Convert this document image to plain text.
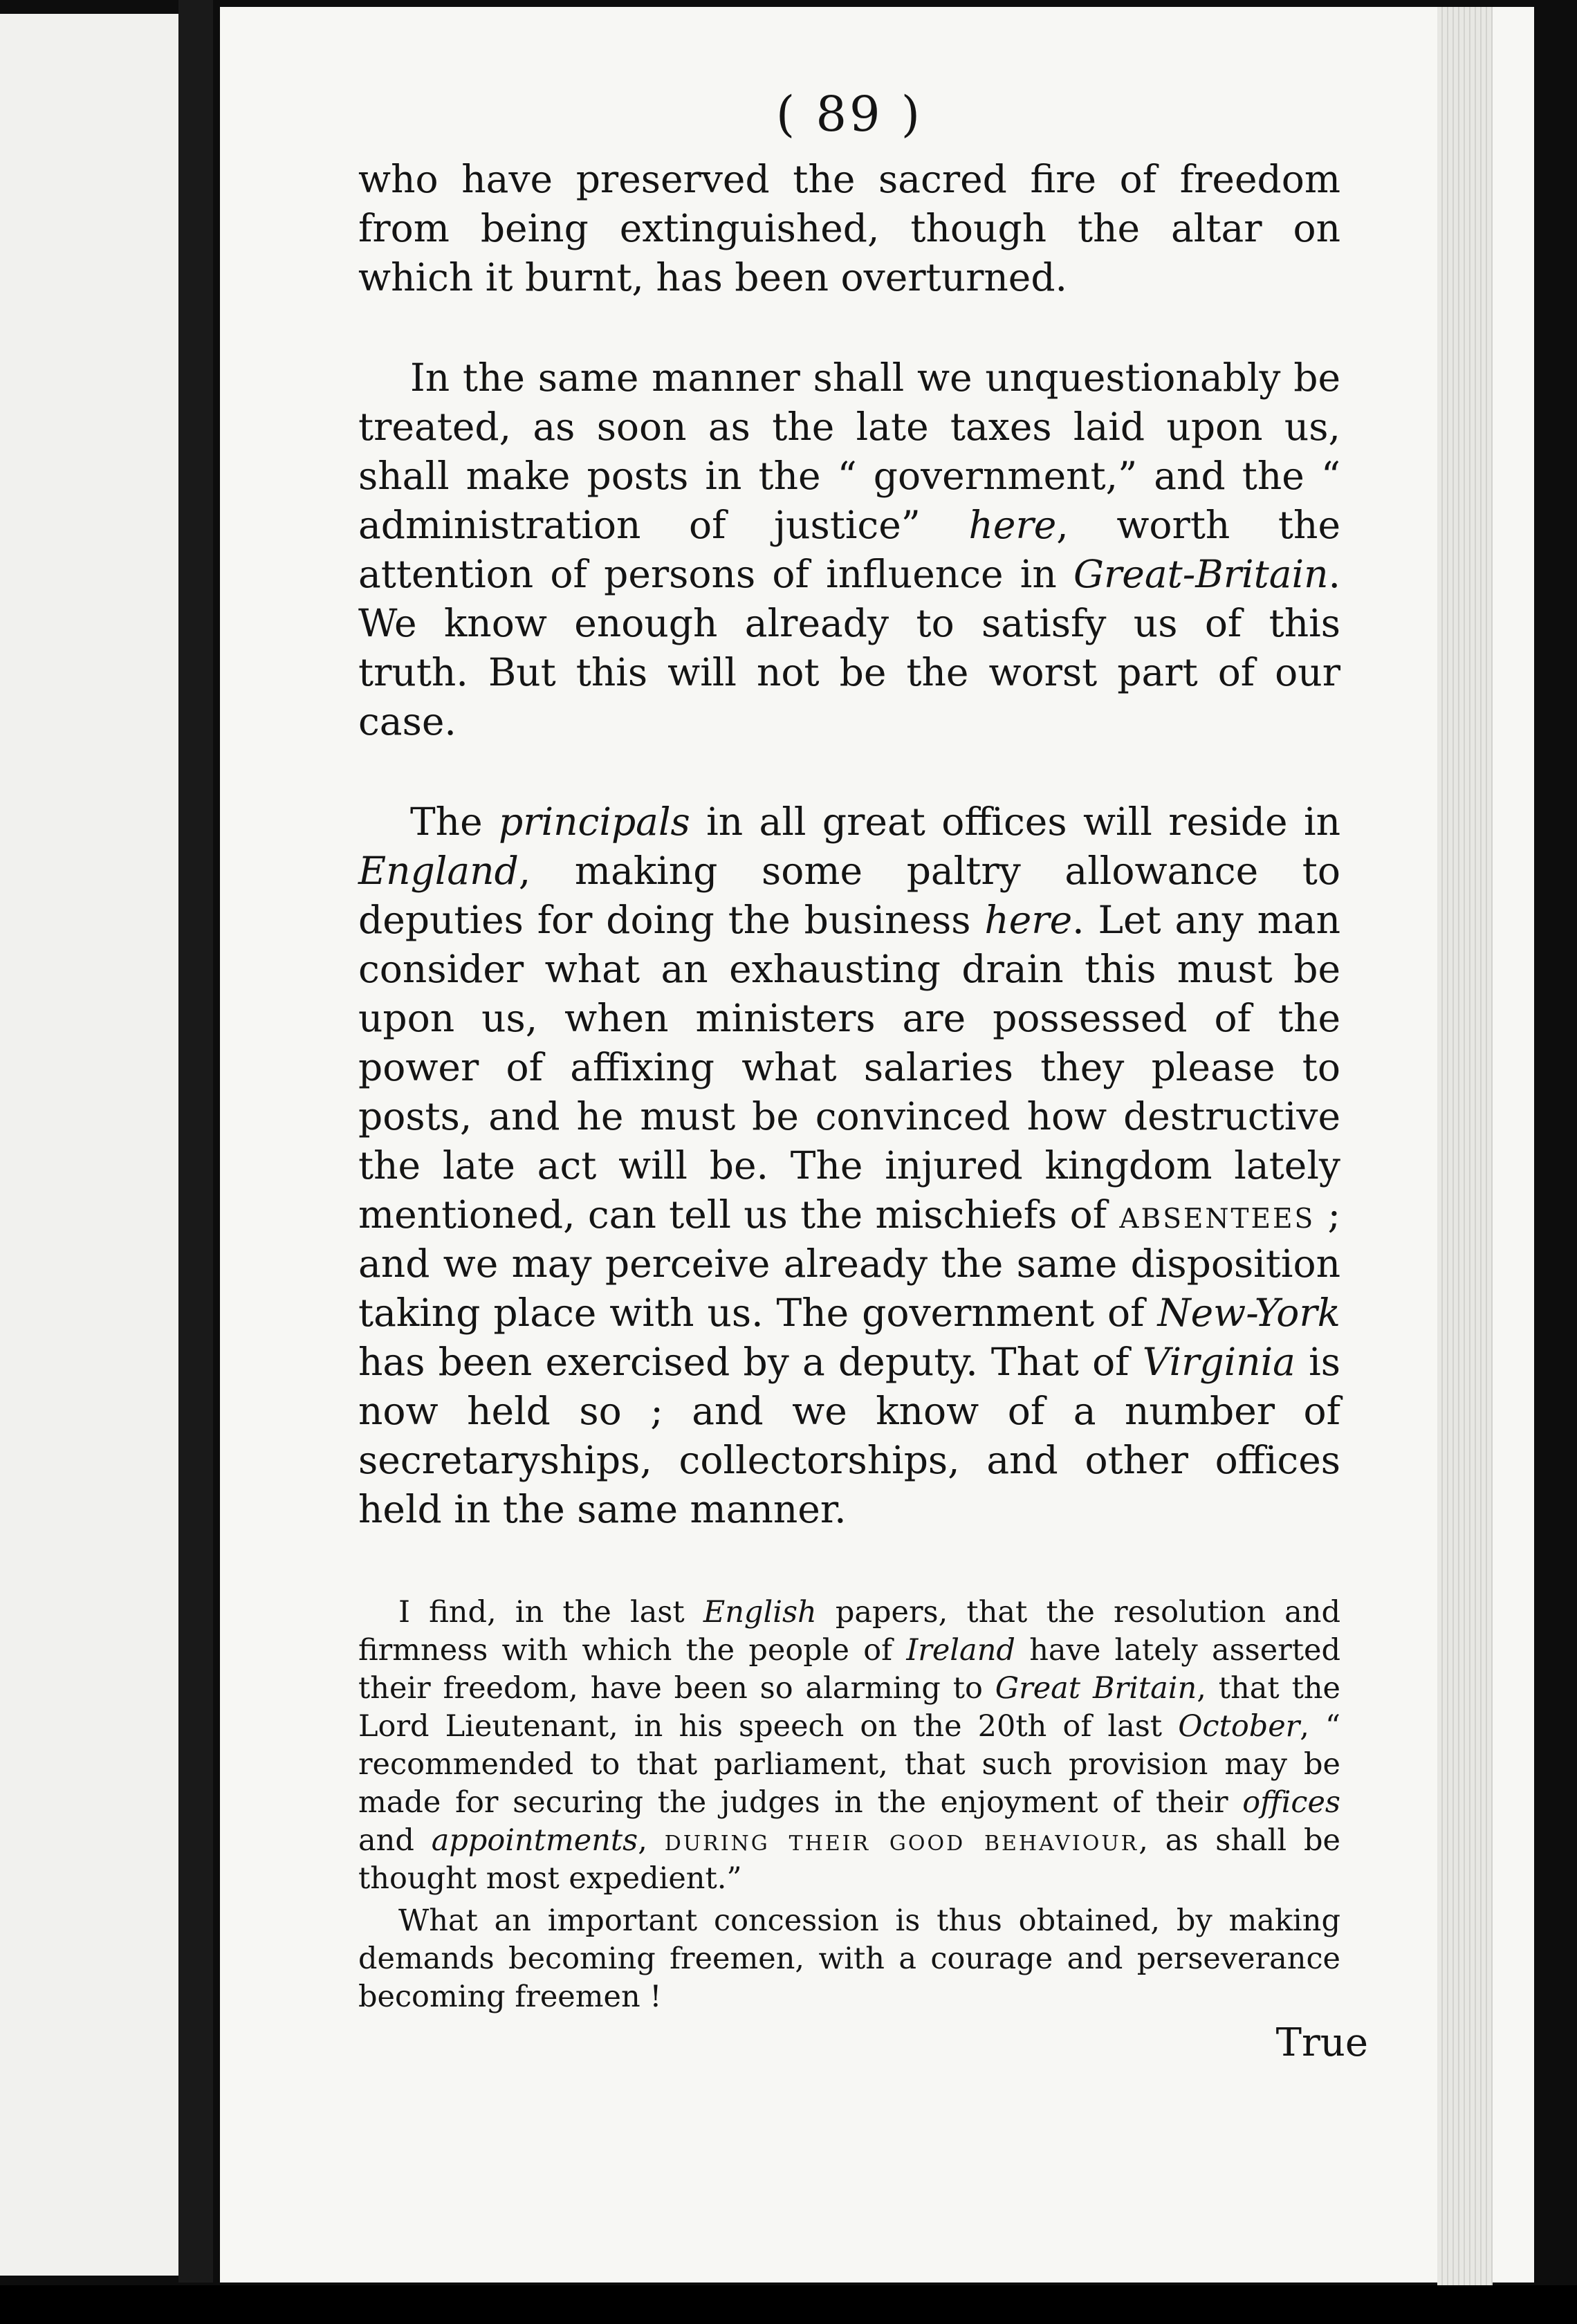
( 89 )

who have preserved the sacred fire of freedom from being extinguished, though the altar on which it burnt, has been overturned.

In the same manner shall we unquestionably be treated, as soon as the late taxes laid upon us, shall make posts in the “ government,” and the “ administration of justice” here, worth the attention of persons of influence in Great-Britain. We know enough already to satisfy us of this truth. But this will not be the worst part of our case.

The principals in all great offices will reside in England, making some paltry allowance to deputies for doing the business here. Let any man consider what an exhausting drain this must be upon us, when ministers are possessed of the power of affixing what salaries they please to posts, and he must be convinced how destructive the late act will be. The injured kingdom lately mentioned, can tell us the mischiefs of absentees ; and we may perceive already the same disposition taking place with us. The government of New-York has been exercised by a deputy. That of Virginia is now held so ; and we know of a number of secretaryships, collectorships, and other offices held in the same manner.

I find, in the last English papers, that the resolution and firmness with which the people of Ireland have lately asserted their freedom, have been so alarming to Great Britain, that the Lord Lieutenant, in his speech on the 20th of last October, “ recommended to that parliament, that such provision may be made for securing the judges in the enjoyment of their offices and appointments, during their good behaviour, as shall be thought most expedient.”

What an important concession is thus obtained, by making demands becoming freemen, with a courage and perseverance becoming freemen !

True
